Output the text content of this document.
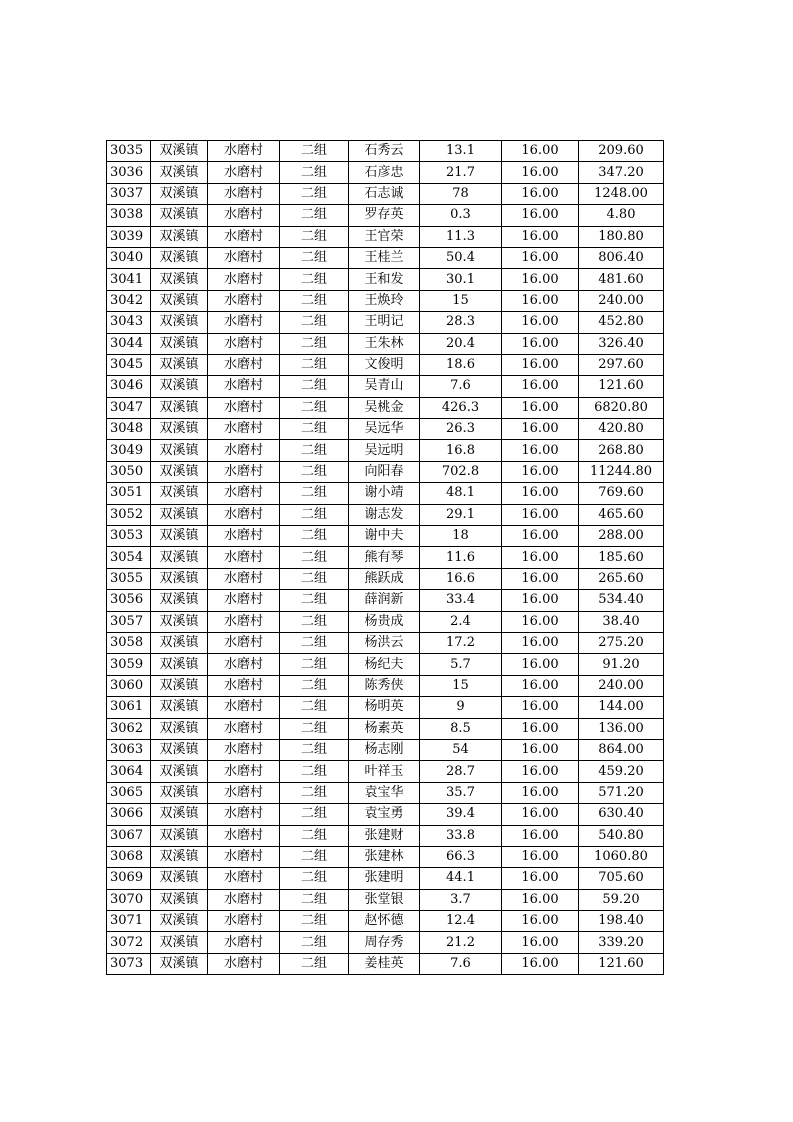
3035	双溪镇	水磨村	二组	石秀云	13.1	16.00	209.60
3036	双溪镇	水磨村	二组	石彦忠	21.7	16.00	347.20
3037	双溪镇	水磨村	二组	石志诚	78	16.00	1248.00
3038	双溪镇	水磨村	二组	罗存英	0.3	16.00	4.80
3039	双溪镇	水磨村	二组	王官荣	11.3	16.00	180.80
3040	双溪镇	水磨村	二组	王桂兰	50.4	16.00	806.40
3041	双溪镇	水磨村	二组	王和发	30.1	16.00	481.60
3042	双溪镇	水磨村	二组	王焕玲	15	16.00	240.00
3043	双溪镇	水磨村	二组	王明记	28.3	16.00	452.80
3044	双溪镇	水磨村	二组	王朱林	20.4	16.00	326.40
3045	双溪镇	水磨村	二组	文俊明	18.6	16.00	297.60
3046	双溪镇	水磨村	二组	吴青山	7.6	16.00	121.60
3047	双溪镇	水磨村	二组	吴桃金	426.3	16.00	6820.80
3048	双溪镇	水磨村	二组	吴远华	26.3	16.00	420.80
3049	双溪镇	水磨村	二组	吴远明	16.8	16.00	268.80
3050	双溪镇	水磨村	二组	向阳春	702.8	16.00	11244.80
3051	双溪镇	水磨村	二组	谢小靖	48.1	16.00	769.60
3052	双溪镇	水磨村	二组	谢志发	29.1	16.00	465.60
3053	双溪镇	水磨村	二组	谢中夫	18	16.00	288.00
3054	双溪镇	水磨村	二组	熊有琴	11.6	16.00	185.60
3055	双溪镇	水磨村	二组	熊跃成	16.6	16.00	265.60
3056	双溪镇	水磨村	二组	薛润新	33.4	16.00	534.40
3057	双溪镇	水磨村	二组	杨贵成	2.4	16.00	38.40
3058	双溪镇	水磨村	二组	杨洪云	17.2	16.00	275.20
3059	双溪镇	水磨村	二组	杨纪夫	5.7	16.00	91.20
3060	双溪镇	水磨村	二组	陈秀侠	15	16.00	240.00
3061	双溪镇	水磨村	二组	杨明英	9	16.00	144.00
3062	双溪镇	水磨村	二组	杨素英	8.5	16.00	136.00
3063	双溪镇	水磨村	二组	杨志刚	54	16.00	864.00
3064	双溪镇	水磨村	二组	叶祥玉	28.7	16.00	459.20
3065	双溪镇	水磨村	二组	袁宝华	35.7	16.00	571.20
3066	双溪镇	水磨村	二组	袁宝勇	39.4	16.00	630.40
3067	双溪镇	水磨村	二组	张建财	33.8	16.00	540.80
3068	双溪镇	水磨村	二组	张建林	66.3	16.00	1060.80
3069	双溪镇	水磨村	二组	张建明	44.1	16.00	705.60
3070	双溪镇	水磨村	二组	张堂银	3.7	16.00	59.20
3071	双溪镇	水磨村	二组	赵怀德	12.4	16.00	198.40
3072	双溪镇	水磨村	二组	周存秀	21.2	16.00	339.20
3073	双溪镇	水磨村	二组	姜桂英	7.6	16.00	121.60
